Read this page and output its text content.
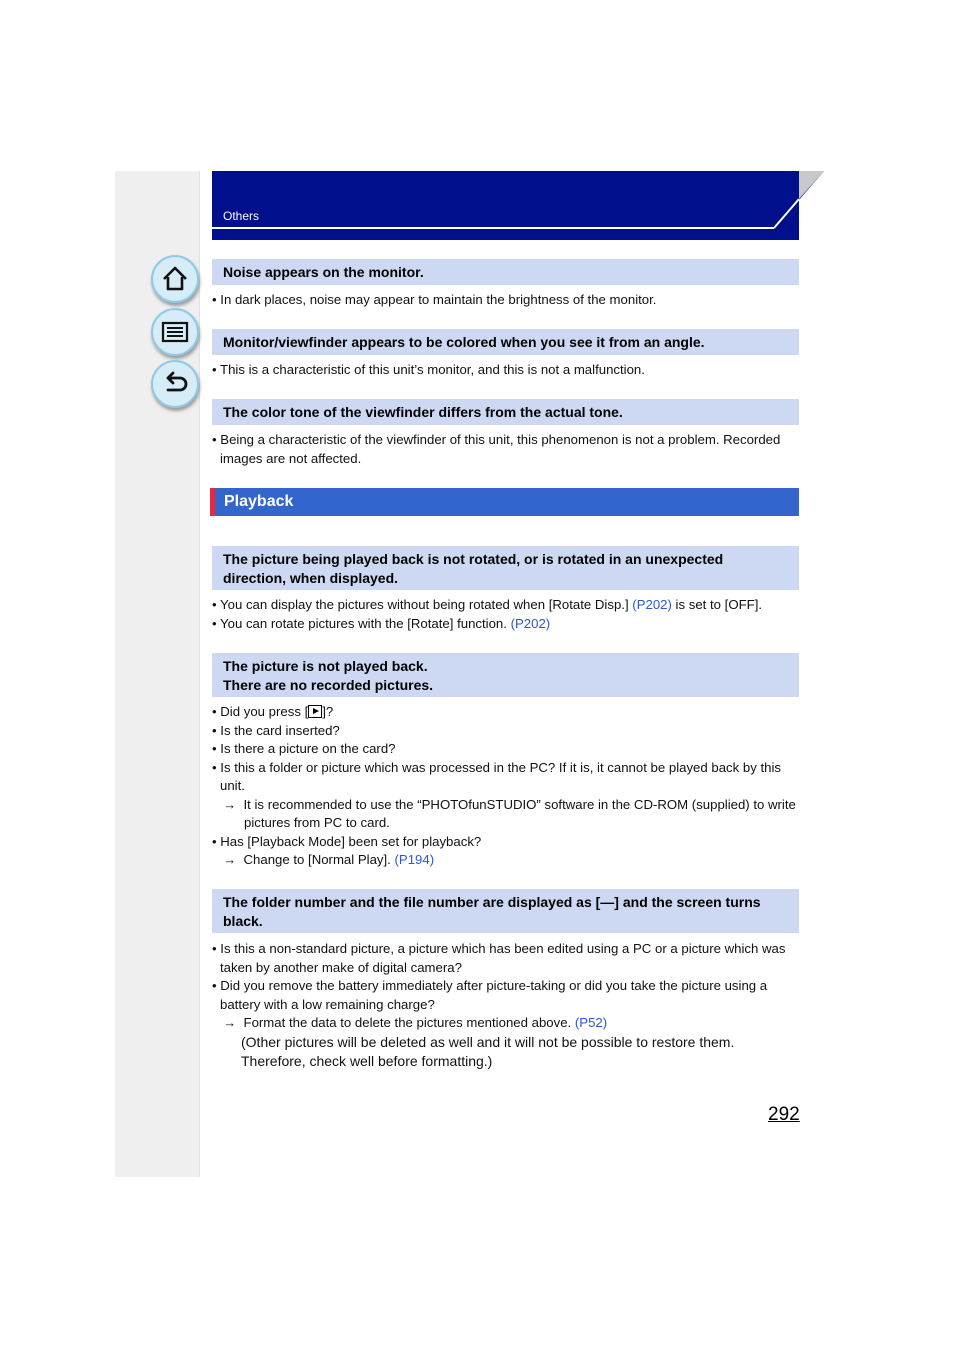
Others
Noise appears on the monitor.
• In dark places, noise may appear to maintain the brightness of the monitor.
Monitor/viewfinder appears to be colored when you see it from an angle.
• This is a characteristic of this unit’s monitor, and this is not a malfunction.
The color tone of the viewfinder differs from the actual tone.
• Being a characteristic of the viewfinder of this unit, this phenomenon is not a problem. Recorded images are not affected.
Playback
The picture being played back is not rotated, or is rotated in an unexpected direction, when displayed.
• You can display the pictures without being rotated when [Rotate Disp.] (P202) is set to [OFF].
• You can rotate pictures with the [Rotate] function. (P202)
The picture is not played back.
There are no recorded pictures.
• Did you press [ ]?
• Is the card inserted?
• Is there a picture on the card?
• Is this a folder or picture which was processed in the PC? If it is, it cannot be played back by this unit.
→ It is recommended to use the “PHOTOfunSTUDIO” software in the CD-ROM (supplied) to write pictures from PC to card.
• Has [Playback Mode] been set for playback?
→ Change to [Normal Play]. (P194)
The folder number and the file number are displayed as [—] and the screen turns black.
• Is this a non-standard picture, a picture which has been edited using a PC or a picture which was taken by another make of digital camera?
• Did you remove the battery immediately after picture-taking or did you take the picture using a battery with a low remaining charge?
→ Format the data to delete the pictures mentioned above. (P52)
(Other pictures will be deleted as well and it will not be possible to restore them. Therefore, check well before formatting.)
292
